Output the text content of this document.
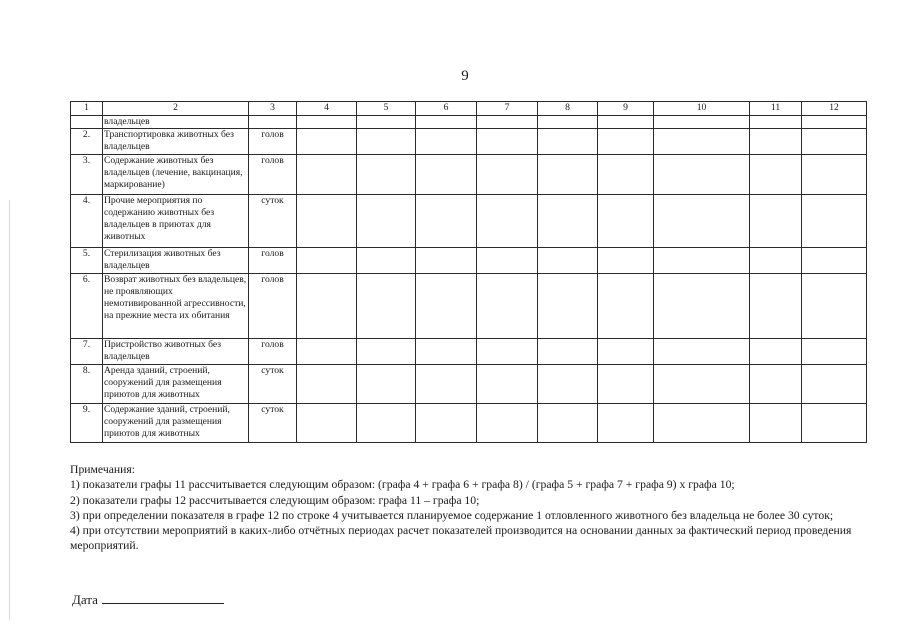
9
1	2	3	4	5	6	7	8	9	10	11	12
	владельцев										
2.	Транспортировка животных без владельцев	голов									
3.	Содержание животных без владельцев (лечение, вакцинация, маркирование)	голов									
4.	Прочие мероприятия по содержанию животных без владельцев в приютах для животных	суток									
5.	Стерилизация животных без владельцев	голов									
6.	Возврат животных без владельцев, не проявляющих немотивированной агрессивности, на прежние места их обитания	голов									
7.	Пристройство животных без владельцев	голов									
8.	Аренда зданий, строений, сооружений для размещения приютов для животных	суток									
9.	Содержание зданий, строений, сооружений для размещения приютов для животных	суток									

Примечания:

1) показатели графы 11 рассчитывается следующим образом: (графа 4 + графа 6 + графа 8) / (графа 5 + графа 7 + графа 9) х графа 10;

2) показатели графы 12 рассчитывается следующим образом: графа 11 – графа 10;

3) при определении показателя в графе 12 по строке 4 учитывается планируемое содержание 1 отловленного животного без владельца не более 30 суток;

4) при отсутствии мероприятий в каких-либо отчётных периодах расчет показателей производится на основании данных за фактический период проведения мероприятий.

Дата
